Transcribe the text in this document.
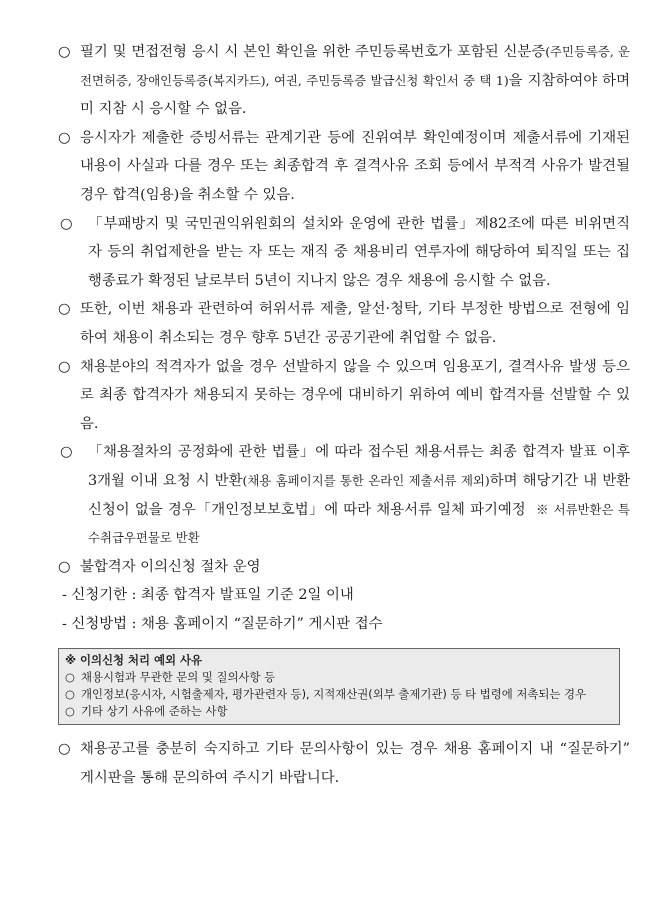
○ 필기 및 면접전형 응시 시 본인 확인을 위한 주민등록번호가 포함된 신분증(주민등록증, 운전면허증, 장애인등록증(복지카드), 여권, 주민등록증 발급신청 확인서 중 택 1)을 지참하여야 하며 미 지참 시 응시할 수 없음.
○ 응시자가 제출한 증빙서류는 관계기관 등에 진위여부 확인예정이며 제출서류에 기재된 내용이 사실과 다를 경우 또는 최종합격 후 결격사유 조회 등에서 부적격 사유가 발견될 경우 합격(임용)을 취소할 수 있음.
○	「부패방지 및 국민권익위원회의 설치와 운영에 관한 법률」제82조에 따른 비위면직자 등의 취업제한을 받는 자 또는 재직 중 채용비리 연루자에 해당하여 퇴직일 또는 집행종료가 확정된 날로부터 5년이 지나지 않은 경우 채용에 응시할 수 없음.
○ 또한, 이번 채용과 관련하여 허위서류 제출, 알선·청탁, 기타 부정한 방법으로 전형에 임하여 채용이 취소되는 경우 향후 5년간 공공기관에 취업할 수 없음.
○ 채용분야의 적격자가 없을 경우 선발하지 않을 수 있으며 임용포기, 결격사유 발생 등으로 최종 합격자가 채용되지 못하는 경우에 대비하기 위하여 예비 합격자를 선발할 수 있음.
○	「채용절차의 공정화에 관한 법률」에 따라 접수된 채용서류는 최종 합격자 발표 이후 3개월 이내 요청 시 반환(채용 홈페이지를 통한 온라인 제출서류 제외)하며 해당기간 내 반환신청이 없을 경우「개인정보보호법」에 따라 채용서류 일체 파기예정 ※ 서류반환은 특수취급우편물로 반환
○ 불합격자 이의신청 절차 운영

- 신청기한 : 최종 합격자 발표일 기준 2일 이내

- 신청방법 : 채용 홈페이지 “질문하기” 게시판 접수

※ 이의신청 처리 예외 사유
○ 채용시험과 무관한 문의 및 질의사항 등
○ 개인정보(응시자, 시험출제자, 평가관련자 등), 지적재산권(외부 출제기관) 등 타 법령에 저촉되는 경우
○ 기타 상기 사유에 준하는 사항
○ 채용공고를 충분히 숙지하고 기타 문의사항이 있는 경우 채용 홈페이지 내 “질문하기” 게시판을 통해 문의하여 주시기 바랍니다.
